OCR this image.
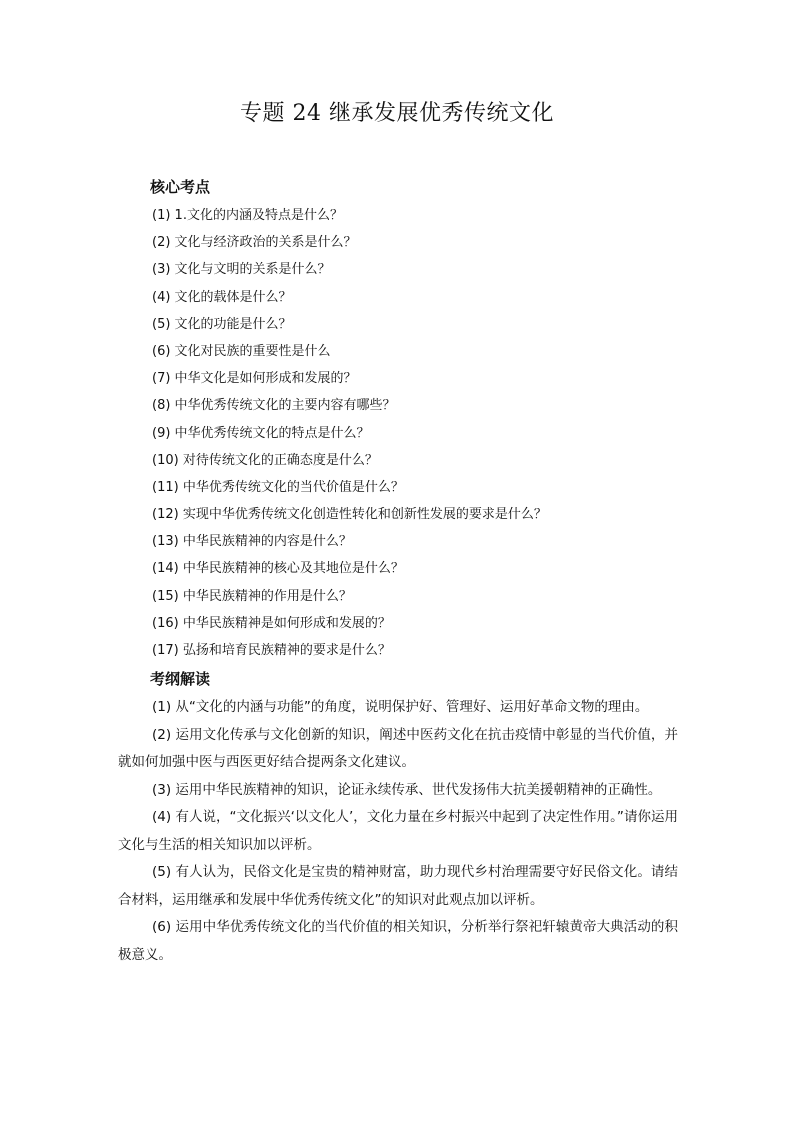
专题 24 继承发展优秀传统文化
核心考点
(1) 1.文化的内涵及特点是什么？
(2) 文化与经济政治的关系是什么？
(3) 文化与文明的关系是什么？
(4) 文化的载体是什么？
(5) 文化的功能是什么？
(6) 文化对民族的重要性是什么
(7) 中华文化是如何形成和发展的？
(8) 中华优秀传统文化的主要内容有哪些？
(9) 中华优秀传统文化的特点是什么？
(10) 对待传统文化的正确态度是什么？
(11) 中华优秀传统文化的当代价值是什么？
(12) 实现中华优秀传统文化创造性转化和创新性发展的要求是什么？
(13) 中华民族精神的内容是什么？
(14) 中华民族精神的核心及其地位是什么？
(15) 中华民族精神的作用是什么？
(16) 中华民族精神是如何形成和发展的？
(17) 弘扬和培育民族精神的要求是什么？
考纲解读

(1) 从“文化的内涵与功能”的角度，说明保护好、管理好、运用好革命文物的理由。

(2) 运用文化传承与文化创新的知识，阐述中医药文化在抗击疫情中彰显的当代价值，并就如何加强中医与西医更好结合提两条文化建议。

(3) 运用中华民族精神的知识，论证永续传承、世代发扬伟大抗美援朝精神的正确性。

(4) 有人说，“文化振兴‘以文化人’，文化力量在乡村振兴中起到了决定性作用。”请你运用文化与生活的相关知识加以评析。

(5) 有人认为，民俗文化是宝贵的精神财富，助力现代乡村治理需要守好民俗文化。请结合材料，运用继承和发展中华优秀传统文化”的知识对此观点加以评析。

(6) 运用中华优秀传统文化的当代价值的相关知识，分析举行祭祀轩辕黄帝大典活动的积极意义。
